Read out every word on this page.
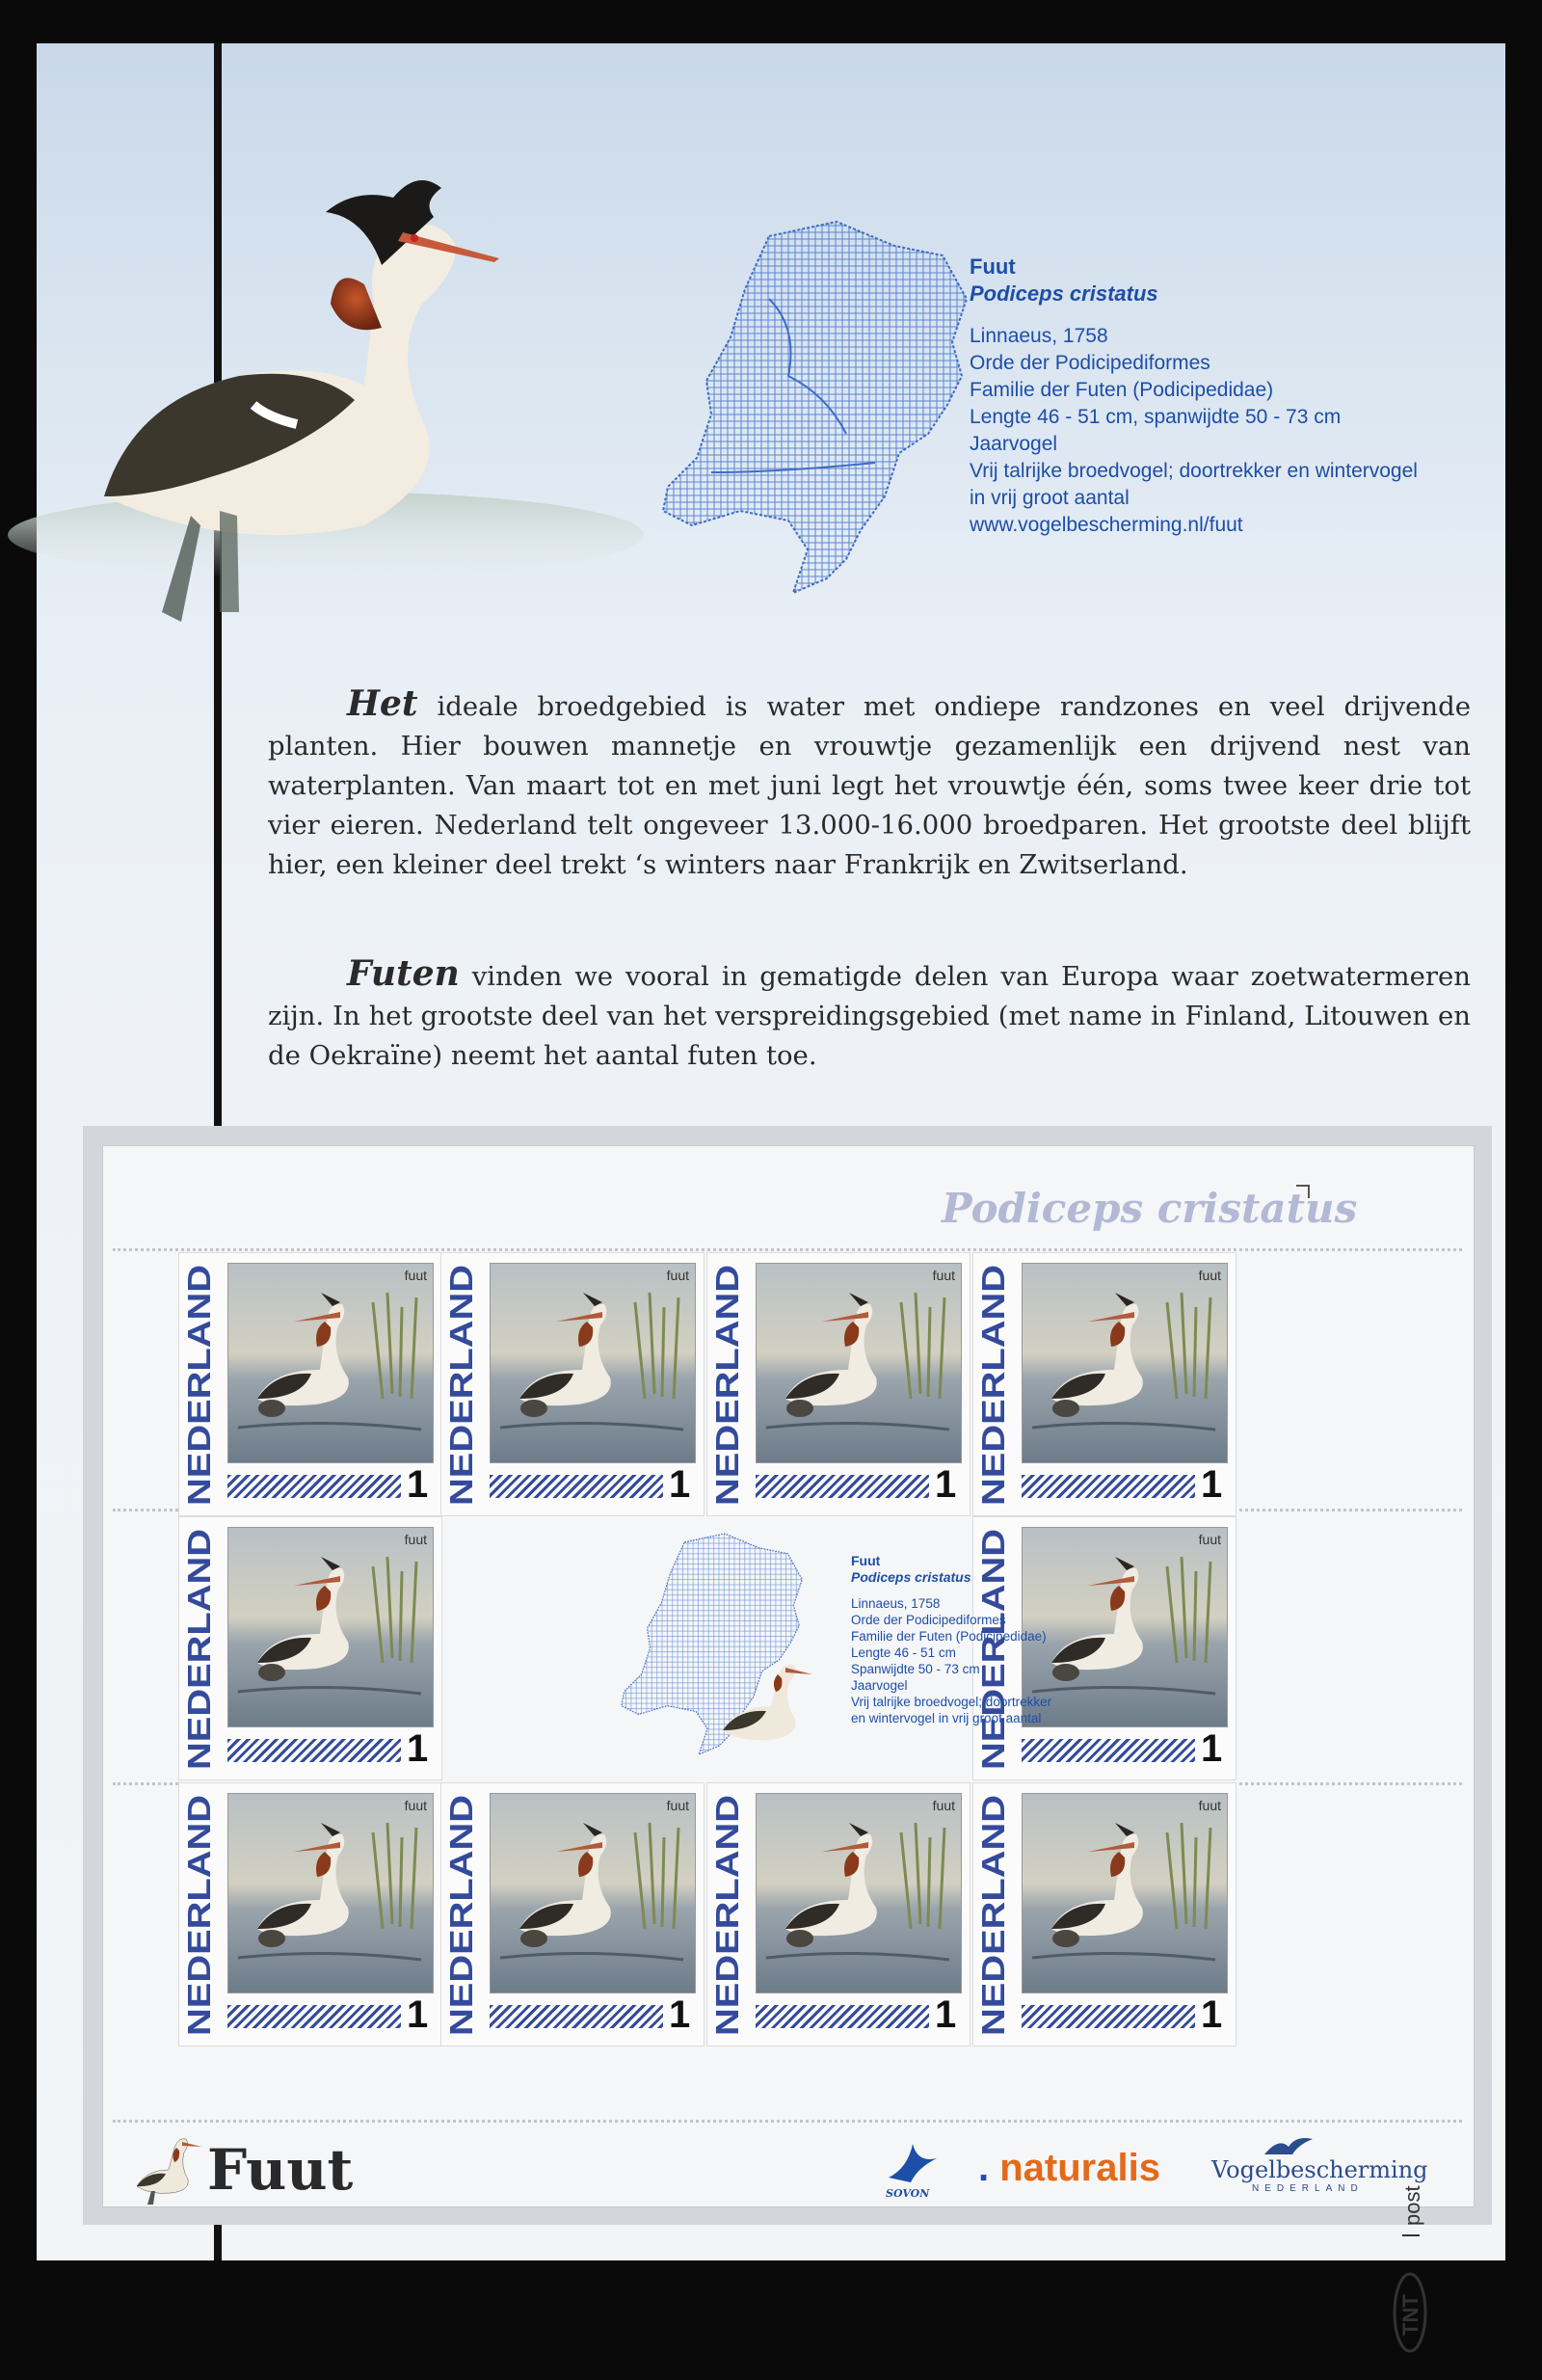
Fuut
Podiceps cristatus
Linnaeus, 1758
Orde der Podicipediformes
Familie der Futen (Podicipedidae)
Lengte 46 - 51 cm, spanwijdte 50 - 73 cm
Jaarvogel
Vrij talrijke broedvogel; doortrekker en wintervogel
in vrij groot aantal
www.vogelbescherming.nl/fuut
Het ideale broedgebied is water met ondiepe randzones en veel drijvende planten. Hier bouwen mannetje en vrouwtje gezamenlijk een drijvend nest van waterplanten. Van maart tot en met juni legt het vrouwtje één, soms twee keer drie tot vier eieren. Nederland telt ongeveer 13.000-16.000 broedparen. Het grootste deel blijft hier, een kleiner deel trekt ‘s winters naar Frankrijk en Zwitserland.
Futen vinden we vooral in gematigde delen van Europa waar zoetwatermeren zijn. In het grootste deel van het verspreidingsgebied (met name in Finland, Litouwen en de Oekraïne) neemt het aantal futen toe.
Podiceps cristatus
NEDERLAND
fuut
1 NEDERLAND
fuut
1 NEDERLAND
fuut
1 NEDERLAND
fuut
1
NEDERLAND
fuut
1	NEDERLAND
fuut
1
NEDERLAND
fuut
1 NEDERLAND
fuut
1 NEDERLAND
fuut
1 NEDERLAND
fuut
1
Fuut
Podiceps cristatus
Linnaeus, 1758
Orde der Podicipediformes
Familie der Futen (Podicipedidae)
Lengte 46 - 51 cm
Spanwijdte 50 - 73 cm
Jaarvogel
Vrij talrijke broedvogel; doortrekker
en wintervogel in vrij groot aantal
post
TNT
Fuut	SOVON
. naturalis Vogelbescherming
NEDERLAND
